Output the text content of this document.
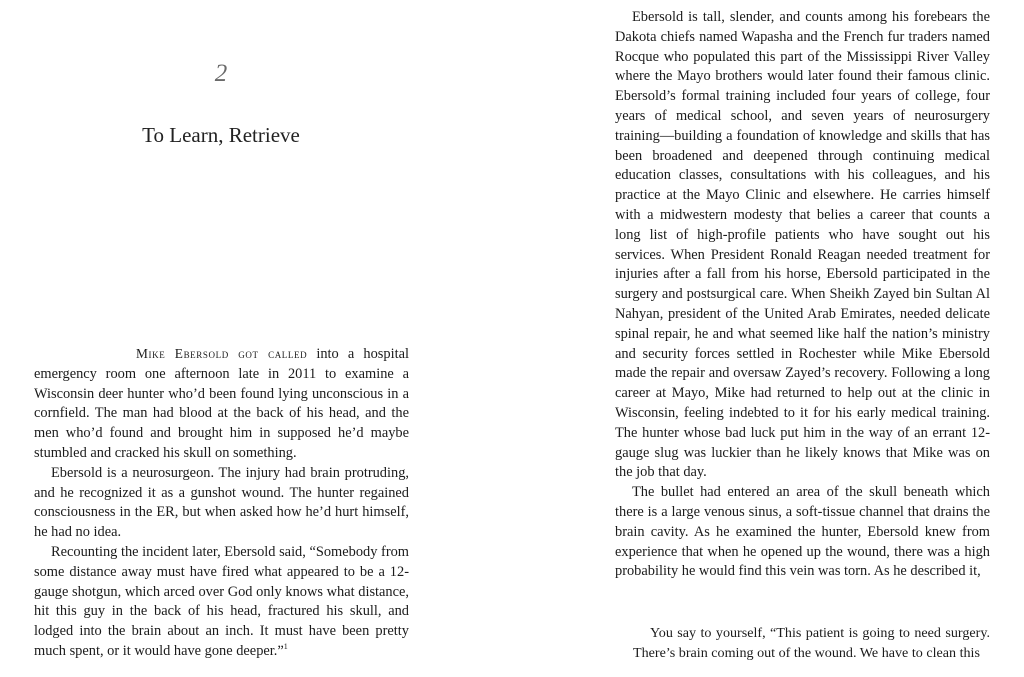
2
To Learn, Retrieve

Mike Ebersold got called into a hospital emergency room one afternoon late in 2011 to examine a Wisconsin deer hunter who’d been found lying unconscious in a cornfield. The man had blood at the back of his head, and the men who’d found and brought him in supposed he’d maybe stumbled and cracked his skull on something.

Ebersold is a neurosurgeon. The injury had brain protruding, and he recognized it as a gunshot wound. The hunter regained consciousness in the ER, but when asked how he’d hurt himself, he had no idea.

Recounting the incident later, Ebersold said, “Somebody from some distance away must have fired what appeared to be a 12-gauge shotgun, which arced over God only knows what distance, hit this guy in the back of his head, fractured his skull, and lodged into the brain about an inch. It must have been pretty much spent, or it would have gone deeper.”$^1$

Ebersold is tall, slender, and counts among his forebears the Dakota chiefs named Wapasha and the French fur traders named Rocque who populated this part of the Mississippi River Valley where the Mayo brothers would later found their famous clinic. Ebersold’s formal training included four years of college, four years of medical school, and seven years of neurosurgery training—building a foundation of knowledge and skills that has been broadened and deepened through continuing medical education classes, consultations with his colleagues, and his practice at the Mayo Clinic and elsewhere. He carries himself with a midwestern modesty that belies a career that counts a long list of high-profile patients who have sought out his services. When President Ronald Reagan needed treatment for injuries after a fall from his horse, Ebersold participated in the surgery and postsurgical care. When Sheikh Zayed bin Sultan Al Nahyan, president of the United Arab Emirates, needed delicate spinal repair, he and what seemed like half the nation’s ministry and security forces settled in Rochester while Mike Ebersold made the repair and oversaw Zayed’s recovery. Following a long career at Mayo, Mike had returned to help out at the clinic in Wisconsin, feeling indebted to it for his early medical training. The hunter whose bad luck put him in the way of an errant 12-gauge slug was luckier than he likely knows that Mike was on the job that day.

The bullet had entered an area of the skull beneath which there is a large venous sinus, a soft-tissue channel that drains the brain cavity. As he examined the hunter, Ebersold knew from experience that when he opened up the wound, there was a high probability he would find this vein was torn. As he described it,

You say to yourself, “This patient is going to need surgery. There’s brain coming out of the wound. We have to clean this
